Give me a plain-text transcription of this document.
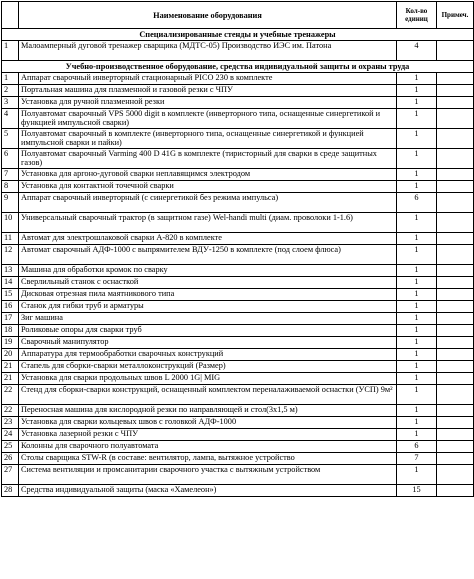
	Наименование оборудования	Кол-во единиц	Примеч.
Специализированные стенды и учебные тренажеры			
1	Малоамперный дуговой тренажер сварщика (МДТС-05) Производство ИЭС им. Патона	4	
Учебно-производственное оборудование, средства индивидуальной защиты и охраны труда			
1	Аппарат сварочный инверторный стационарный PICO 230 в комплекте	1	
2	Портальная машина для плазменной и газовой резки с ЧПУ	1	
3	Установка для ручной плазменной резки	1	
4	Полуавтомат сварочный VPS 5000 digit в комплекте (инверторного типа, оснащенные синергетикой и функцией импульсной сварки)	1	
5	Полуавтомат сварочный в комплекте (инверторного типа, оснащенные синергетикой и функцией импульсной сварки и пайки)	1	
6	Полуавтомат сварочный Varming 400 D 41G в комплекте (тиристорный для сварки в среде защитных газов)	1	
7	Установка для аргоно-дуговой сварки неплавящимся электродом	1	
8	Установка для контактной точечной сварки	1	
9	Аппарат сварочный инверторный (с синергетикой без режима импульса)	6	
10	Универсальный сварочный трактор (в защитном газе) Wel-handi multi (диам. проволоки 1-1.6)	1	
11	Автомат для электрошлаковой сварки А-820 в комплекте	1	
12	Автомат сварочный АДФ-1000 с выпрямителем ВДУ-1250 в комплекте (под слоем флюса)	1	
13	Машина для обработки кромок по сварку	1	
14	Сверлильный станок с оснасткой	1	
15	Дисковая отрезная пила маятникового типа	1	
16	Станок для гибки труб и арматуры	1	
17	Зиг машина	1	
18	Роликовые опоры для сварки труб	1	
19	Сварочный манипулятор	1	
20	Аппаратура для термообработки сварочных конструкций	1	
21	Стапель для сборки-сварки металлоконструкций (Размер)	1	
21	Установка для сварки продольных швов L 2000 1G| MIG	1	
22	Стенд для сборки-сварки конструкций, оснащенный комплектом переналаживаемой оснастки (УСП) 9м²	1	
22	Переносная машина для кислородной резки по направляющей и стол(3х1,5 м)	1	
23	Установка для сварки кольцевых швов с головкой АДФ-1000	1	
24	Установка лазерной резки с ЧПУ	1	
25	Колонны для сварочного полуавтомата	6	
26	Столы сварщика STW-R (в составе: вентилятор, лампа, вытяжное устройство	7	
27	Система вентиляции и промсанитарии сварочного участка с вытяжным устройством	1	
28	Средства индивидуальной защиты (маска «Хамелеон»)	15	
